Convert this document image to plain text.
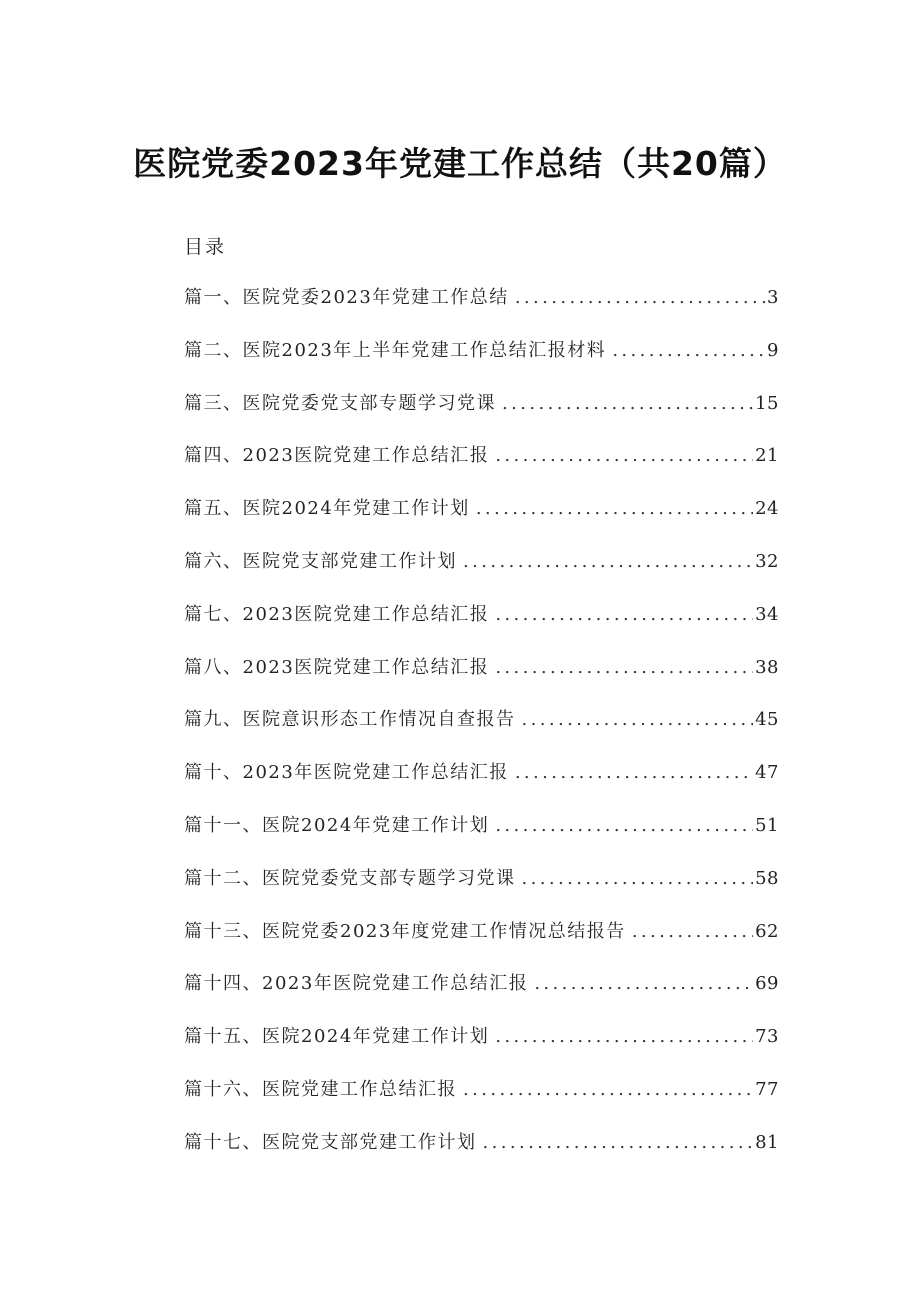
医院党委2023年党建工作总结（共20篇）
目录
篇一、医院党委2023年党建工作总结 .....	3
篇二、医院2023年上半年党建工作总结汇报材料 .....	9
篇三、医院党委党支部专题学习党课 .....	15
篇四、2023医院党建工作总结汇报 .....	21
篇五、医院2024年党建工作计划 .....	24
篇六、医院党支部党建工作计划 .....	32
篇七、2023医院党建工作总结汇报 .....	34
篇八、2023医院党建工作总结汇报 .....	38
篇九、医院意识形态工作情况自查报告 .....	45
篇十、2023年医院党建工作总结汇报 .....	47
篇十一、医院2024年党建工作计划 .....	51
篇十二、医院党委党支部专题学习党课 .....	58
篇十三、医院党委2023年度党建工作情况总结报告 .....	62
篇十四、2023年医院党建工作总结汇报 .....	69
篇十五、医院2024年党建工作计划 .....	73
篇十六、医院党建工作总结汇报 .....	77
篇十七、医院党支部党建工作计划 .....	81
